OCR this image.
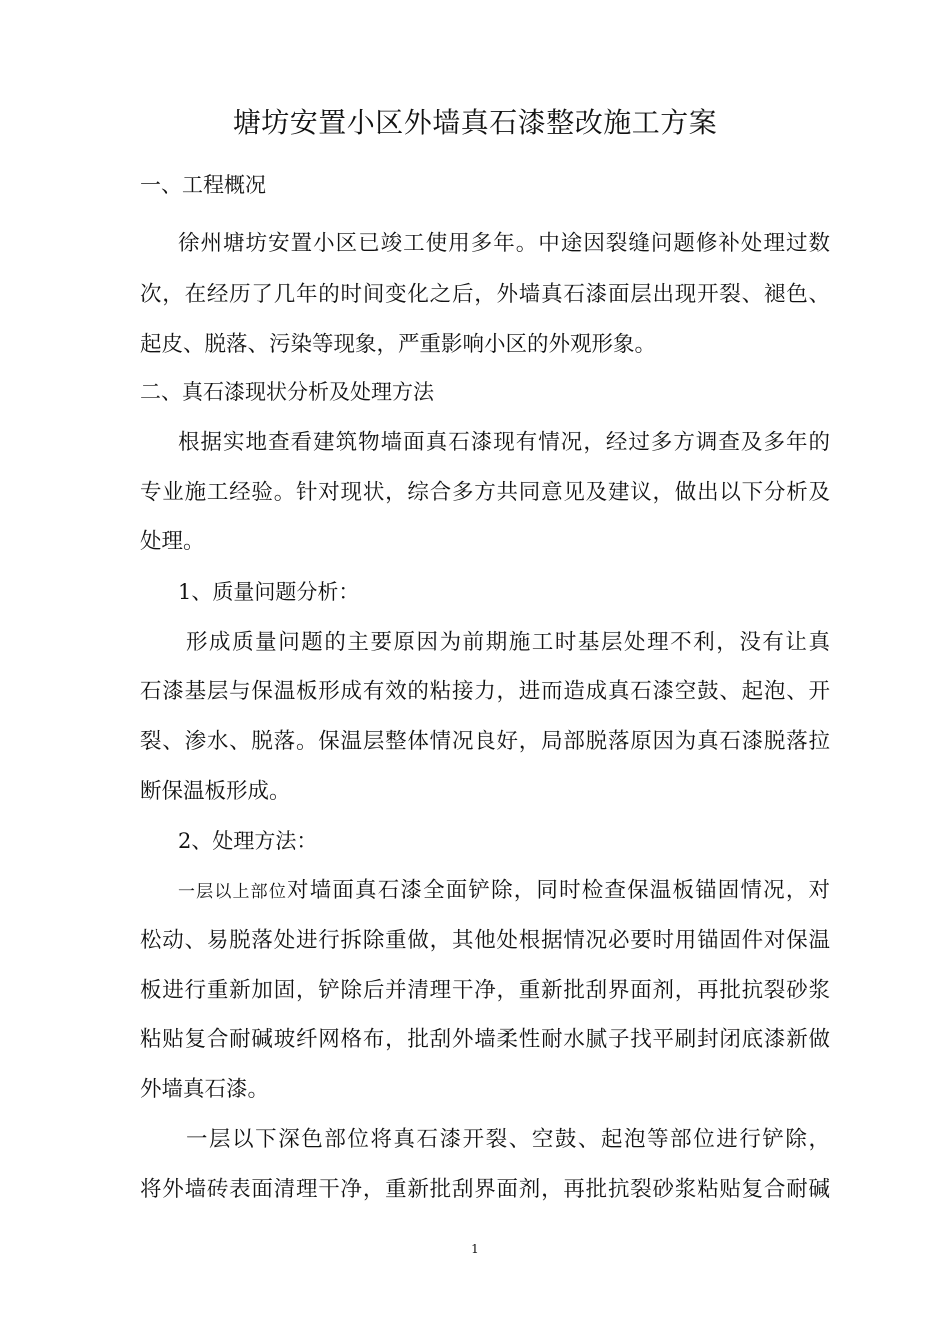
塘坊安置小区外墙真石漆整改施工方案
一、工程概况
徐州塘坊安置小区已竣工使用多年。中途因裂缝问题修补处理过数
次，在经历了几年的时间变化之后，外墙真石漆面层出现开裂、褪色、
起皮、脱落、污染等现象，严重影响小区的外观形象。
二、真石漆现状分析及处理方法
根据实地查看建筑物墙面真石漆现有情况，经过多方调查及多年的
专业施工经验。针对现状，综合多方共同意见及建议，做出以下分析及
处理。
1、质量问题分析：
形成质量问题的主要原因为前期施工时基层处理不利，没有让真
石漆基层与保温板形成有效的粘接力，进而造成真石漆空鼓、起泡、开
裂、渗水、脱落。保温层整体情况良好，局部脱落原因为真石漆脱落拉
断保温板形成。
2、处理方法：
一层以上部位对墙面真石漆全面铲除，同时检查保温板锚固情况，对
松动、易脱落处进行拆除重做，其他处根据情况必要时用锚固件对保温
板进行重新加固，铲除后并清理干净，重新批刮界面剂，再批抗裂砂浆
粘贴复合耐碱玻纤网格布，批刮外墙柔性耐水腻子找平刷封闭底漆新做
外墙真石漆。
一层以下深色部位将真石漆开裂、空鼓、起泡等部位进行铲除，
将外墙砖表面清理干净，重新批刮界面剂，再批抗裂砂浆粘贴复合耐碱
1
